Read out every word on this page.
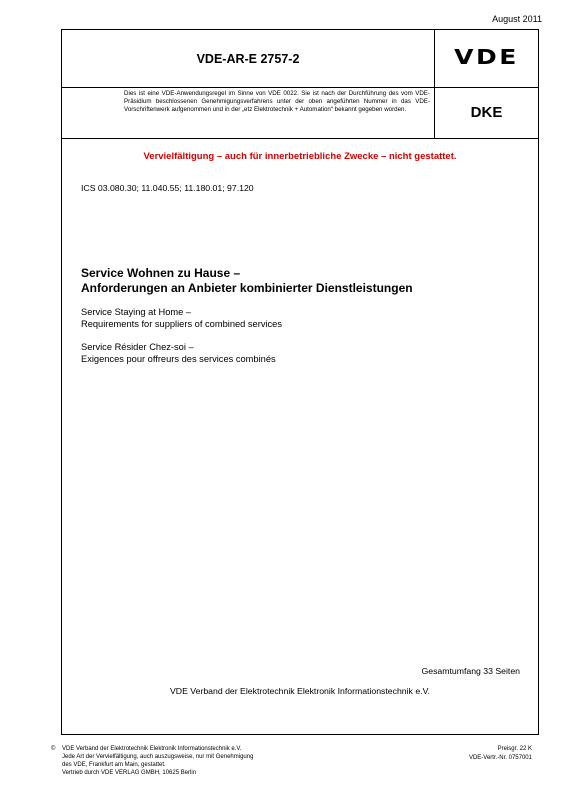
August 2011
VDE-AR-E 2757-2
Dies ist eine VDE-Anwendungsregel im Sinne von VDE 0022. Sie ist nach der Durchführung des vom VDE-Präsidium beschlossenen Genehmigungsverfahrens unter der oben angeführten Nummer in das VDE-Vorschriftenwerk aufgenommen und in der „etz Elektrotechnik + Automation“ bekannt gegeben worden.
VDE
DKE
Vervielfältigung – auch für innerbetriebliche Zwecke – nicht gestattet.
ICS 03.080.30; 11.040.55; 11.180.01; 97.120
Service Wohnen zu Hause –
Anforderungen an Anbieter kombinierter Dienstleistungen
Service Staying at Home –
Requirements for suppliers of combined services
Service Résider Chez-soi –
Exigences pour offreurs des services combinés
Gesamtumfang 33 Seiten
VDE Verband der Elektrotechnik Elektronik Informationstechnik e.V.
© VDE Verband der Elektrotechnik Elektronik Informationstechnik e.V.
Jede Art der Vervielfältigung, auch auszugsweise, nur mit Genehmigung
des VDE, Frankfurt am Main, gestattet.
Vertrieb durch VDE VERLAG GMBH, 10625 Berlin
Preisgr. 22 K
VDE-Vertr.-Nr. 0757001
